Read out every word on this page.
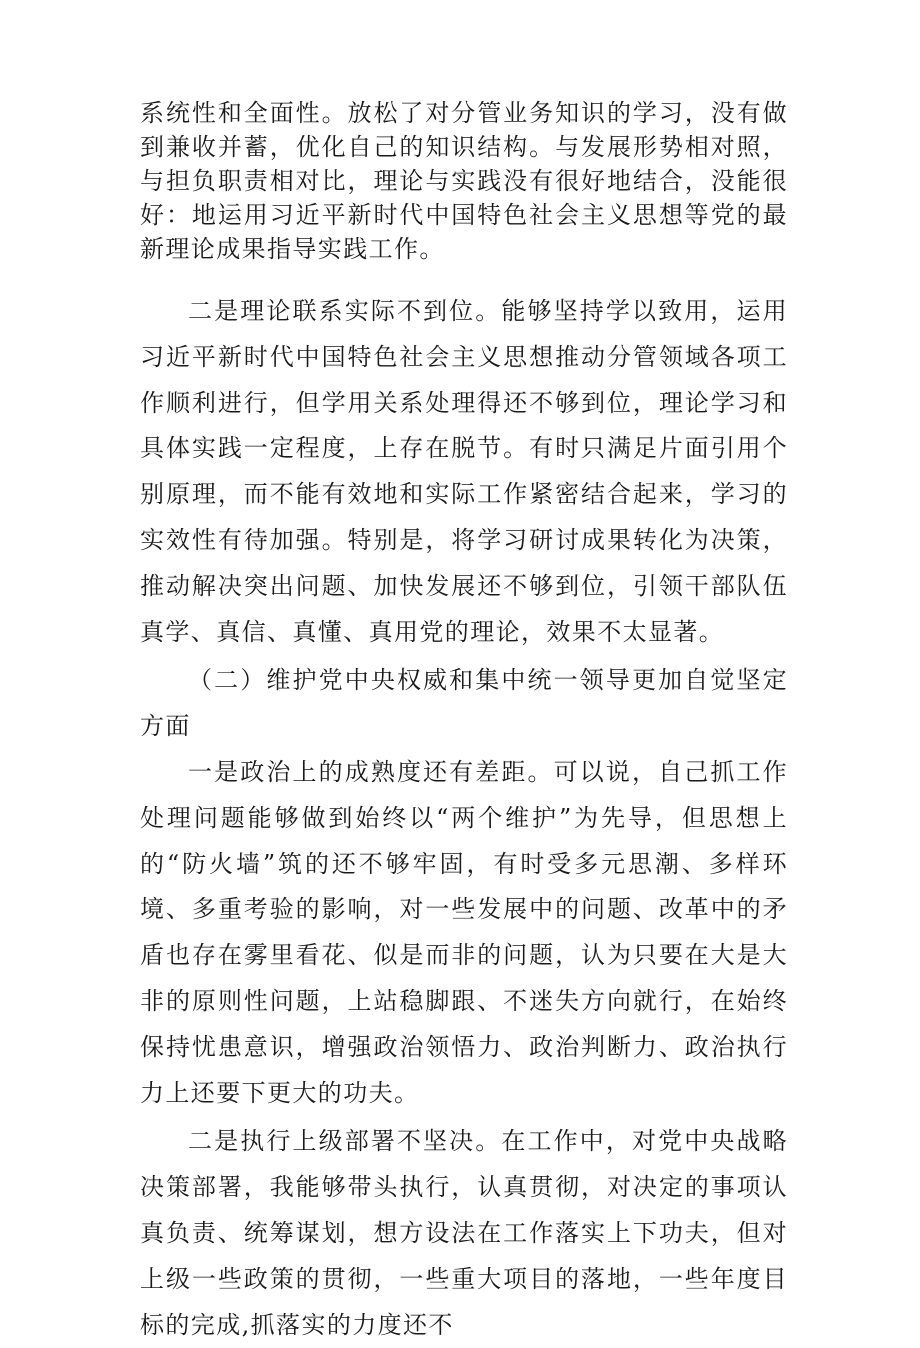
系统性和全面性。放松了对分管业务知识的学习，没有做到兼收并蓄，优化自己的知识结构。与发展形势相对照，与担负职责相对比，理论与实践没有很好地结合，没能很好：地运用习近平新时代中国特色社会主义思想等党的最新理论成果指导实践工作。

二是理论联系实际不到位。能够坚持学以致用，运用习近平新时代中国特色社会主义思想推动分管领域各项工作顺利进行，但学用关系处理得还不够到位，理论学习和具体实践一定程度，上存在脱节。有时只满足片面引用个别原理，而不能有效地和实际工作紧密结合起来，学习的实效性有待加强。特别是，将学习研讨成果转化为决策，推动解决突出问题、加快发展还不够到位，引领干部队伍真学、真信、真懂、真用党的理论，效果不太显著。

（二）维护党中央权威和集中统一领导更加自觉坚定方面

一是政治上的成熟度还有差距。可以说，自己抓工作处理问题能够做到始终以“两个维护”为先导，但思想上的“防火墙”筑的还不够牢固，有时受多元思潮、多样环境、多重考验的影响，对一些发展中的问题、改革中的矛盾也存在雾里看花、似是而非的问题，认为只要在大是大非的原则性问题，上站稳脚跟、不迷失方向就行，在始终保持忧患意识，增强政治领悟力、政治判断力、政治执行力上还要下更大的功夫。

二是执行上级部署不坚决。在工作中，对党中央战略决策部署，我能够带头执行，认真贯彻，对决定的事项认真负责、统筹谋划，想方设法在工作落实上下功夫，但对上级一些政策的贯彻，一些重大项目的落地，一些年度目标的完成,抓落实的力度还不
